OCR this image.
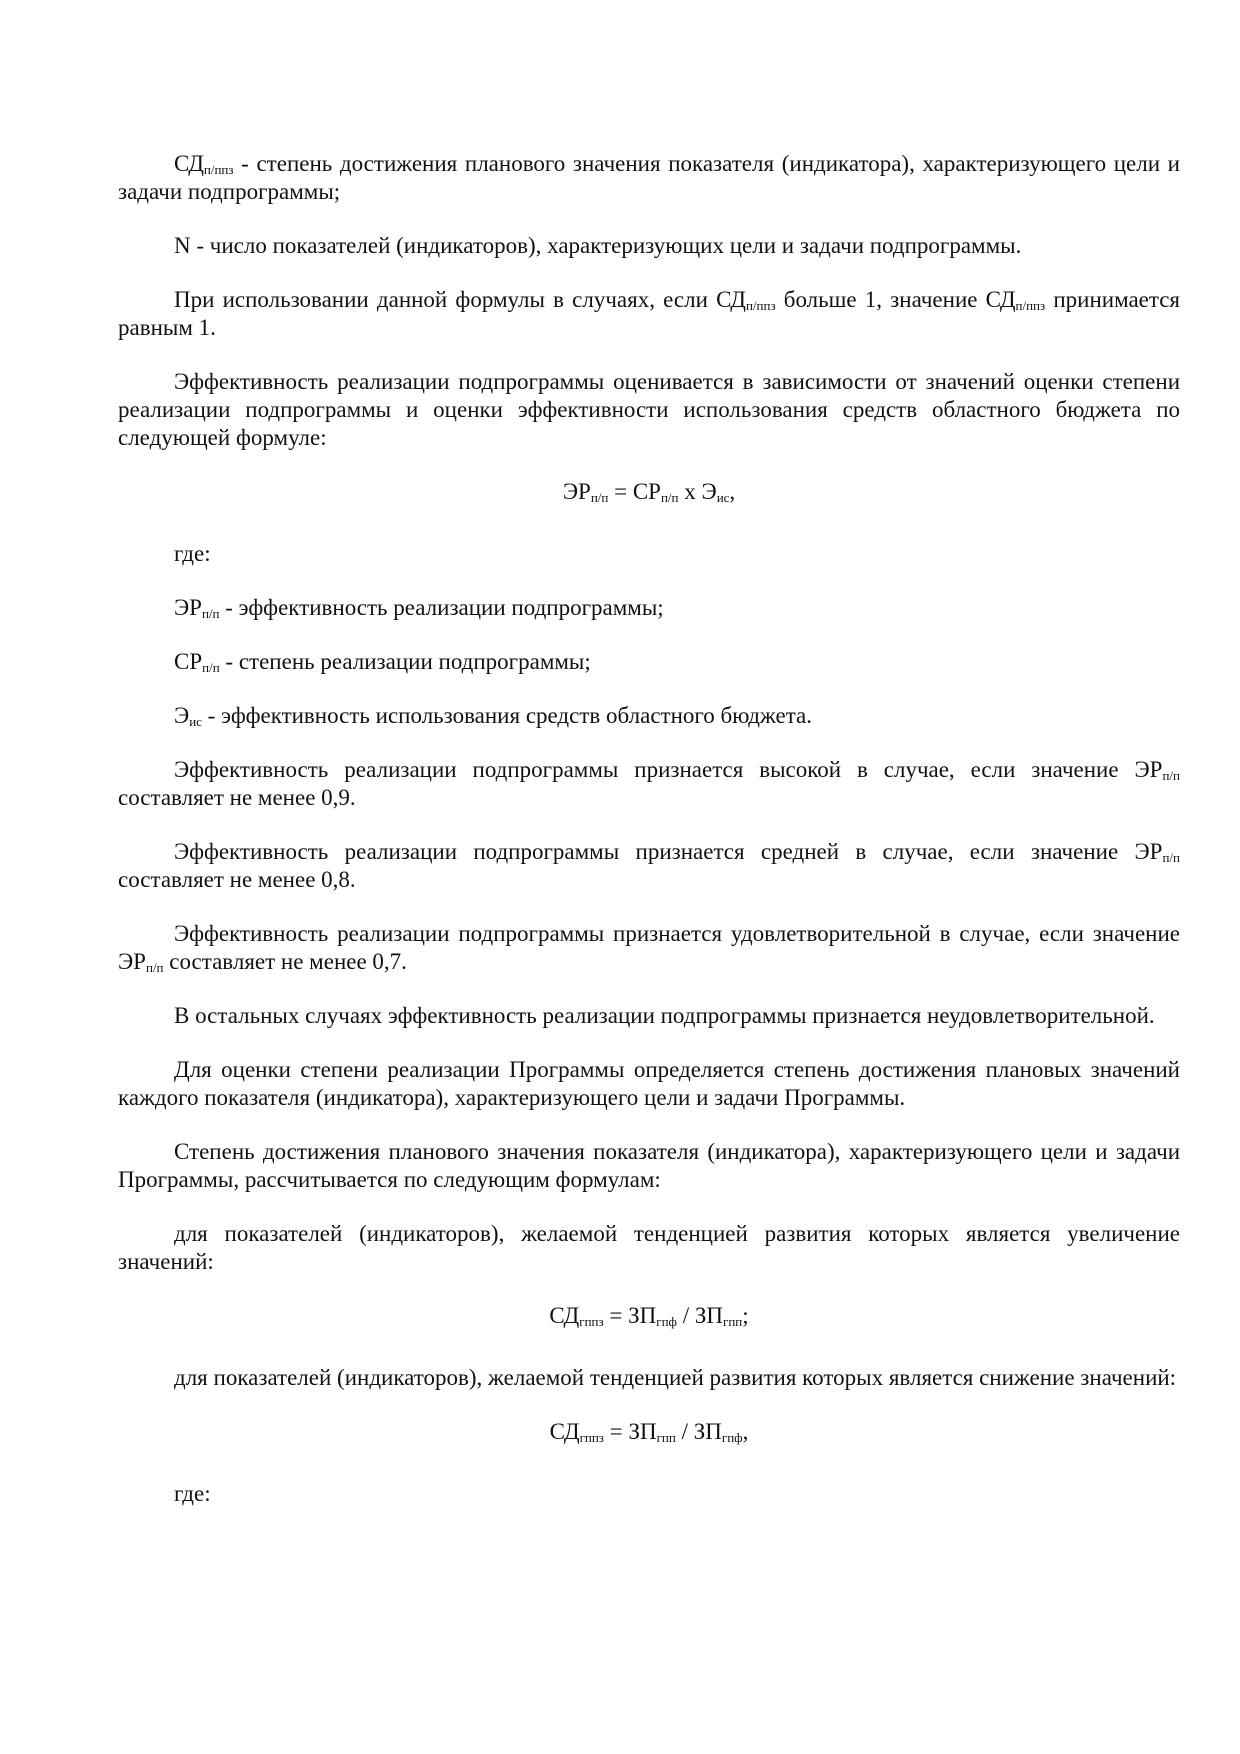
$СД_{п/ппз}$ - степень достижения планового значения показателя (индикатора), характеризующего цели и задачи подпрограммы;

N - число показателей (индикаторов), характеризующих цели и задачи подпрограммы.

При использовании данной формулы в случаях, если $СД_{п/ппз}$ больше 1, значение $СД_{п/ппз}$ принимается равным 1.

Эффективность реализации подпрограммы оценивается в зависимости от значений оценки степени реализации подпрограммы и оценки эффективности использования средств областного бюджета по следующей формуле:

$ЭР_{п/п} = СР_{п/п}$ х $Э_{ис}$,

где:

$ЭР_{п/п}$ - эффективность реализации подпрограммы;

$СР_{п/п}$ - степень реализации подпрограммы;

$Э_{ис}$ - эффективность использования средств областного бюджета.

Эффективность реализации подпрограммы признается высокой в случае, если значение $ЭР_{п/п}$ составляет не менее 0,9.

Эффективность реализации подпрограммы признается средней в случае, если значение $ЭР_{п/п}$ составляет не менее 0,8.

Эффективность реализации подпрограммы признается удовлетворительной в случае, если значение $ЭР_{п/п}$ составляет не менее 0,7.

В остальных случаях эффективность реализации подпрограммы признается неудовлетворительной.

Для оценки степени реализации Программы определяется степень достижения плановых значений каждого показателя (индикатора), характеризующего цели и задачи Программы.

Степень достижения планового значения показателя (индикатора), характеризующего цели и задачи Программы, рассчитывается по следующим формулам:

для показателей (индикаторов), желаемой тенденцией развития которых является увеличение значений:

$СД_{гппз} = ЗП_{гпф} / ЗП_{гпп}$;

для показателей (индикаторов), желаемой тенденцией развития которых является снижение значений:

$СД_{гппз} = ЗП_{гпп} / ЗП_{гпф}$,

где:
